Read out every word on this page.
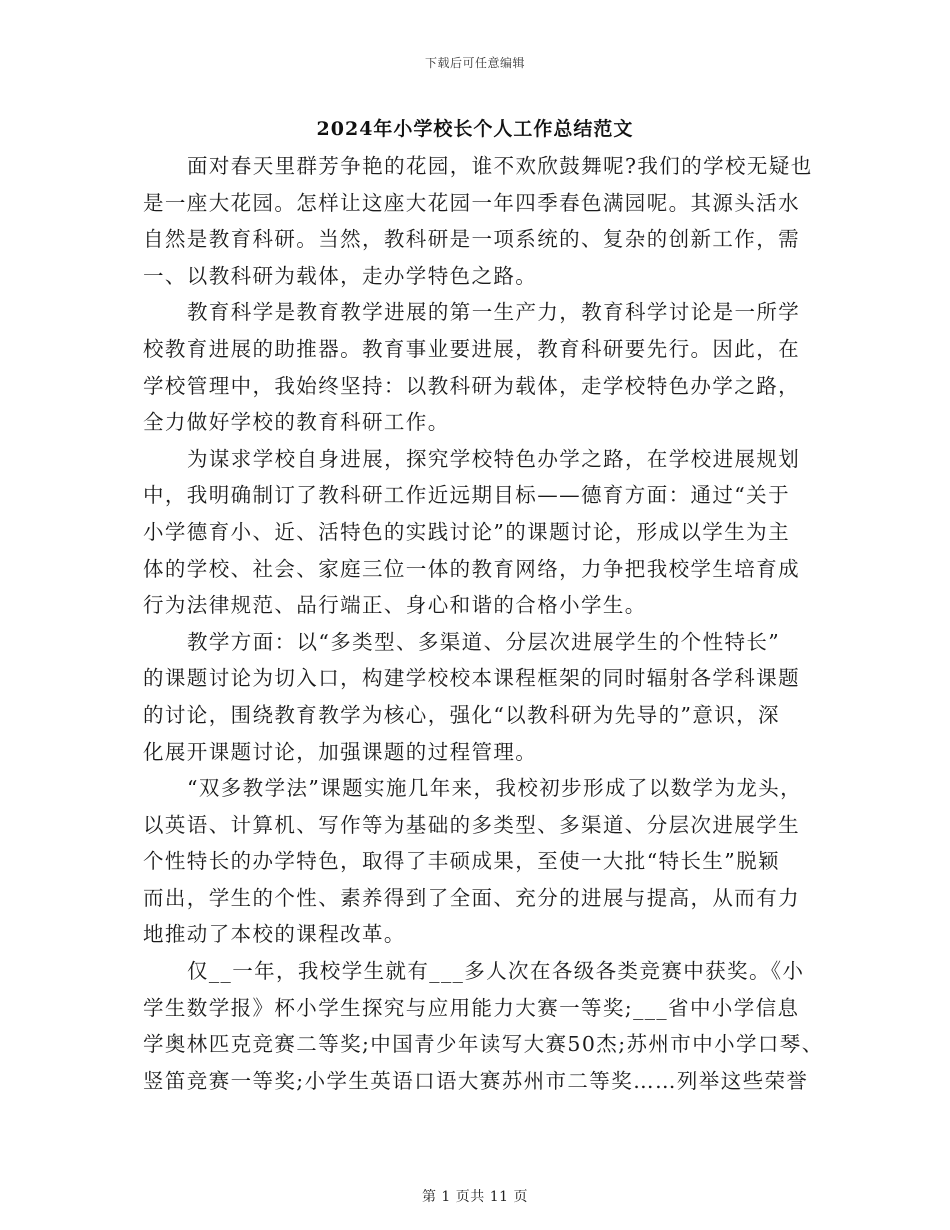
下载后可任意编辑
2024年小学校长个人工作总结范文

面对春天里群芳争艳的花园，谁不欢欣鼓舞呢?我们的学校无疑也
是一座大花园。怎样让这座大花园一年四季春色满园呢。其源头活水
自然是教育科研。当然，教科研是一项系统的、复杂的创新工作，需
一、以教科研为载体，走办学特色之路。

教育科学是教育教学进展的第一生产力，教育科学讨论是一所学
校教育进展的助推器。教育事业要进展，教育科研要先行。因此，在
学校管理中，我始终坚持：以教科研为载体，走学校特色办学之路，
全力做好学校的教育科研工作。

为谋求学校自身进展，探究学校特色办学之路，在学校进展规划
中，我明确制订了教科研工作近远期目标——德育方面：通过“关于
小学德育小、近、活特色的实践讨论”的课题讨论，形成以学生为主
体的学校、社会、家庭三位一体的教育网络，力争把我校学生培育成
行为法律规范、品行端正、身心和谐的合格小学生。

教学方面：以“多类型、多渠道、分层次进展学生的个性特长”
的课题讨论为切入口，构建学校校本课程框架的同时辐射各学科课题
的讨论，围绕教育教学为核心，强化“以教科研为先导的”意识，深
化展开课题讨论，加强课题的过程管理。

“双多教学法”课题实施几年来，我校初步形成了以数学为龙头，
以英语、计算机、写作等为基础的多类型、多渠道、分层次进展学生
个性特长的办学特色，取得了丰硕成果，至使一大批“特长生”脱颖
而出，学生的个性、素养得到了全面、充分的进展与提高，从而有力
地推动了本校的课程改革。

仅__一年，我校学生就有___多人次在各级各类竞赛中获奖。《小
学生数学报》杯小学生探究与应用能力大赛一等奖;___省中小学信息
学奥林匹克竞赛二等奖;中国青少年读写大赛50杰;苏州市中小学口琴、
竖笛竞赛一等奖;小学生英语口语大赛苏州市二等奖……列举这些荣誉

第 1 页共 11 页
